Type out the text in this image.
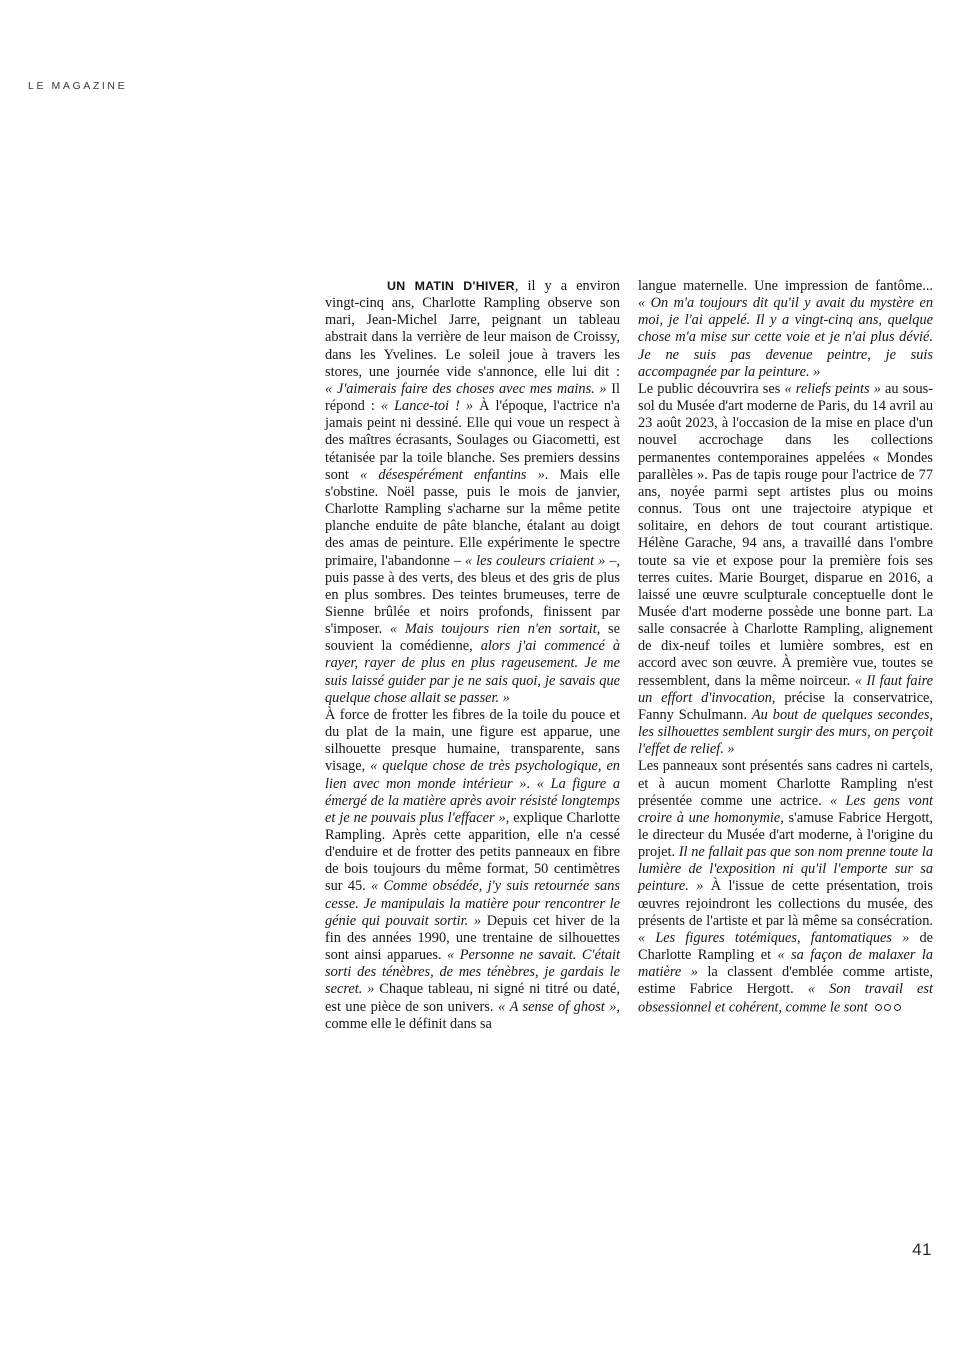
LE MAGAZINE

UN MATIN D'HIVER, il y a environ vingt-cinq ans, Charlotte Rampling observe son mari, Jean-Michel Jarre, peignant un tableau abstrait dans la verrière de leur maison de Croissy, dans les Yvelines. Le soleil joue à travers les stores, une journée vide s'annonce, elle lui dit : « J'aimerais faire des choses avec mes mains. » Il répond : « Lance-toi ! » À l'époque, l'actrice n'a jamais peint ni dessiné. Elle qui voue un respect à des maîtres écrasants, Soulages ou Giacometti, est tétanisée par la toile blanche. Ses premiers dessins sont « désespérément enfantins ». Mais elle s'obstine. Noël passe, puis le mois de janvier, Charlotte Rampling s'acharne sur la même petite planche enduite de pâte blanche, étalant au doigt des amas de peinture. Elle expérimente le spectre primaire, l'abandonne – « les couleurs criaient » –, puis passe à des verts, des bleus et des gris de plus en plus sombres. Des teintes brumeuses, terre de Sienne brûlée et noirs profonds, finissent par s'imposer. « Mais toujours rien n'en sortait, se souvient la comédienne, alors j'ai commencé à rayer, rayer de plus en plus rageusement. Je me suis laissé guider par je ne sais quoi, je savais que quelque chose allait se passer. »

À force de frotter les fibres de la toile du pouce et du plat de la main, une figure est apparue, une silhouette presque humaine, transparente, sans visage, « quelque chose de très psychologique, en lien avec mon monde intérieur ». « La figure a émergé de la matière après avoir résisté longtemps et je ne pouvais plus l'effacer », explique Charlotte Rampling. Après cette apparition, elle n'a cessé d'enduire et de frotter des petits panneaux en fibre de bois toujours du même format, 50 centimètres sur 45. « Comme obsédée, j'y suis retournée sans cesse. Je manipulais la matière pour rencontrer le génie qui pouvait sortir. » Depuis cet hiver de la fin des années 1990, une trentaine de silhouettes sont ainsi apparues. « Personne ne savait. C'était sorti des ténèbres, de mes ténèbres, je gardais le secret. » Chaque tableau, ni signé ni titré ou daté, est une pièce de son univers. « A sense of ghost », comme elle le définit dans sa

langue maternelle. Une impression de fantôme... « On m'a toujours dit qu'il y avait du mystère en moi, je l'ai appelé. Il y a vingt-cinq ans, quelque chose m'a mise sur cette voie et je n'ai plus dévié. Je ne suis pas devenue peintre, je suis accompagnée par la peinture. »

Le public découvrira ses « reliefs peints » au sous-sol du Musée d'art moderne de Paris, du 14 avril au 23 août 2023, à l'occasion de la mise en place d'un nouvel accrochage dans les collections permanentes contemporaines appelées « Mondes parallèles ». Pas de tapis rouge pour l'actrice de 77 ans, noyée parmi sept artistes plus ou moins connus. Tous ont une trajectoire atypique et solitaire, en dehors de tout courant artistique. Hélène Garache, 94 ans, a travaillé dans l'ombre toute sa vie et expose pour la première fois ses terres cuites. Marie Bourget, disparue en 2016, a laissé une œuvre sculpturale conceptuelle dont le Musée d'art moderne possède une bonne part. La salle consacrée à Charlotte Rampling, alignement de dix-neuf toiles et lumière sombres, est en accord avec son œuvre. À première vue, toutes se ressemblent, dans la même noirceur. « Il faut faire un effort d'invocation, précise la conservatrice, Fanny Schulmann. Au bout de quelques secondes, les silhouettes semblent surgir des murs, on perçoit l'effet de relief. »

Les panneaux sont présentés sans cadres ni cartels, et à aucun moment Charlotte Rampling n'est présentée comme une actrice. « Les gens vont croire à une homonymie, s'amuse Fabrice Hergott, le directeur du Musée d'art moderne, à l'origine du projet. Il ne fallait pas que son nom prenne toute la lumière de l'exposition ni qu'il l'emporte sur sa peinture. » À l'issue de cette présentation, trois œuvres rejoindront les collections du musée, des présents de l'artiste et par là même sa consécration. « Les figures totémiques, fantomatiques » de Charlotte Rampling et « sa façon de malaxer la matière » la classent d'emblée comme artiste, estime Fabrice Hergott. « Son travail est obsessionnel et cohérent, comme le sont

41
